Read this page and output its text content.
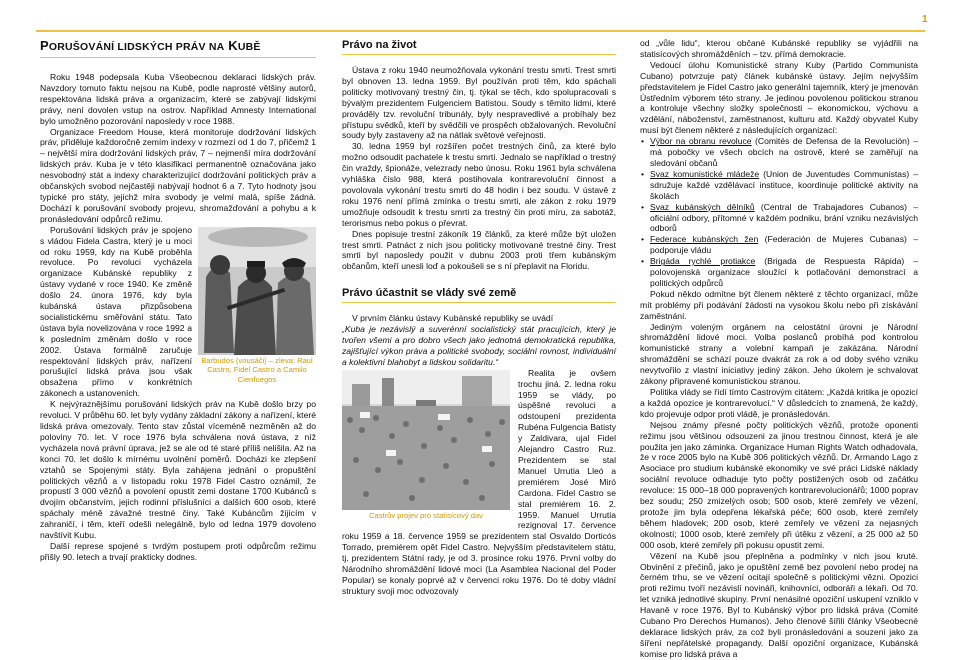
1
PORUŠOVÁNÍ LIDSKÝCH PRÁV NA KUBĚ

Roku 1948 podepsala Kuba Všeobecnou deklaraci lidských práv. Navzdory tomuto faktu nejsou na Kubě, podle naprosté většiny autorů, respektována lidská práva a organizacím, které se zabývají lidskými právy, není dovolen vstup na ostrov. Například Amnesty International bylo umožněno pozorování naposledy v roce 1988.

Organizace Freedom House, která monitoruje dodržování lidských práv, přiděluje každoročně zemím indexy v rozmezí od 1 do 7, přičemž 1 – největší míra dodržování lidských práv, 7 – nejmenší míra dodržování lidských práv. Kuba je v této klasifikaci permanentně označována jako nesvobodný stát a indexy charakterizující dodržování politických práv a občanských svobod nejčastěji nabývají hodnot 6 a 7. Tyto hodnoty jsou typické pro státy, jejichž míra svobody je velmi malá, spíše žádná. Dochází k porušování svobody projevu, shromažďování a pohybu a k pronásledování odpůrců režimu.

Barbudos (vousáči) – zleva: Raul Castro, Fidel Castro a Camilo Cienfuegos

Porušování lidských práv je spojeno s vládou Fidela Castra, který je u moci od roku 1959, kdy na Kubě proběhla revoluce. Po revoluci vycházela organizace Kubánské republiky z ústavy vydané v roce 1940. Ke změně došlo 24. února 1976, kdy byla kubánská ústava přizpůsobena socialistickému směřování státu. Tato ústava byla novelizována v roce 1992 a k posledním změnám došlo v roce 2002. Ústava formálně zaručuje respektování lidských práv, nařízení porušující lidská práva jsou však obsažena přímo v konkrétních zákonech a ustanoveních.

K nejvýraznějšímu porušování lidských práv na Kubě došlo brzy po revoluci. V průběhu 60. let byly vydány základní zákony a nařízení, které lidská práva omezovaly. Tento stav zůstal víceméně nezměněn až do poloviny 70. let. V roce 1976 byla schválena nová ústava, z níž vycházela nová právní úprava, jež se ale od té staré příliš nelišila. Až na konci 70. let došlo k mírnému uvolnění poměrů. Docházi ke zlepšení vztahů se Spojenými státy. Byla zahájena jednání o propuštění politických vězňů a v listopadu roku 1978 Fidel Castro oznámil, že propustí 3 000 vězňů a povolení opustit zemi dostane 1700 Kubánců s dvojím občanstvím, jejich rodinní příslušníci a dalších 600 osob, které spáchaly méně závažné trestné činy. Také Kubáncům žijícím v zahraničí, i těm, kteří odešli nelegálně, bylo od ledna 1979 dovoleno navštívit Kubu.

Další represe spojené s tvrdým postupem proti odpůrcům režimu přišly 90. letech a trvají prakticky dodnes.

Právo na život

Ústava z roku 1940 neumožňovala vykonání trestu smrti. Trest smrti byl obnoven 13. ledna 1959. Byl používán proti těm, kdo spáchali politicky motivovaný trestný čin, tj. týkal se těch, kdo spolupracovali s bývalým prezidentem Fulgenciem Batistou. Soudy s těmito lidmi, které prováděly tzv. revoluční tribunály, byly nespravedlivé a probíhaly bez přístupu svědků, kteří by svědčili ve prospěch obžalovaných. Revoluční soudy byly zastaveny až na nátlak světové veřejnosti.

30. ledna 1959 byl rozšířen počet trestných činů, za které bylo možno odsoudit pachatele k trestu smrti. Jednalo se například o trestný čin vraždy, špionáže, velezrady nebo únosu. Roku 1961 byla schválena vyhláška číslo 988, která postihovala kontrarevoluční činnost a povolovala vykonání trestu smrti do 48 hodin i bez soudu. V ústavě z roku 1976 není přímá zmínka o trestu smrti, ale zákon z roku 1979 umožňuje odsoudit k trestu smrti za trestný čin proti míru, za sabotáž, terorismus nebo pokus o převrat.

Dnes popisuje trestní zákoník 19 článků, za které může být uložen trest smrti. Patnáct z nich jsou politicky motivované trestné činy. Trest smrti byl naposledy použit v dubnu 2003 proti třem kubánským občanům, kteří unesli loď a pokoušeli se s ní přeplavit na Floridu.

Právo účastnit se vlády své země

V prvním článku ústavy Kubánské republiky se uvádí

„Kuba je nezávislý a suverénní socialistický stát pracujících, který je tvořen všemi a pro dobro všech jako jednotná demokratická republika, zajišťující výkon práva a politické svobody, sociální rovnost, individuální a kolektivní blahobyt a lidskou solidaritu.“

Castrův projev pro statisícový dav

Realita je ovšem trochu jiná. 2. ledna roku 1959 se vlády, po úspěšné revoluci a odstoupení prezidenta Rubéna Fulgencia Batisty y Zaldivara, ujal Fidel Alejandro Castro Ruz. Prezidentem se stal Manuel Urrutia Lleó a premiérem José Miró Cardona. Fidel Castro se stal premiérem 16. 2. 1959. Manuel Urrutia rezignoval 17. července roku 1959 a 18. července 1959 se prezidentem stal Osvaldo Dorticós Torrado, premiérem opět Fidel Castro. Nejvyšším představitelem státu, tj. prezidentem Státní rady, je od 3. prosince roku 1976. První volby do Národního shromáždění lidové moci (La Asamblea Nacional del Poder Popular) se konaly poprvé až v červenci roku 1976. Do té doby vládní struktury svoji moc odvozovaly

od „vůle lidu“, kterou občané Kubánské republiky se vyjádřili na statisícových shromážděních – tzv. přímá demokracie.

Vedoucí úlohu Komunistické strany Kuby (Partido Communista Cubano) potvrzuje patý článek kubánské ústavy. Jejím nejvyšším představitelem je Fidel Castro jako generální tajemník, který je jmenován Ústředním výborem této strany. Je jedinou povolenou politickou stranou a kontroluje všechny složky společnosti – ekonomickou, výchovu a vzdělání, náboženství, zaměstnanost, kulturu atd. Každý obyvatel Kuby musí být členem některé z následujících organizací:

• Výbor na obranu revoluce (Comités de Defensa de la Revolución) – má pobočky ve všech obcích na ostrově, které se zaměřují na sledování občanů
• Svaz komunistické mládeže (Union de Juventudes Communistas) – sdružuje každé vzdělávací instituce, koordinuje politické aktivity na školách
• Svaz kubánských dělníků (Central de Trabajadores Cubanos) – oficiální odbory, přítomné v každém podniku, brání vzniku nezávislých odborů
• Federace kubánských žen (Federación de Mujeres Cubanas) – podporuje vládu
• Brigáda rychlé protiakce (Brigada de Respuesta Rápida) – polovojenská organizace sloužící k potlačování demonstrací a politických odpůrců

Pokud někdo odmítne být členem některé z těchto organizací, může mít problémy při podávání žádosti na vysokou školu nebo při získávání zaměstnání.

Jediným voleným orgánem na celostátní úrovni je Národní shromáždění lidové moci. Volba poslanců probíhá pod kontrolou komunistické strany a volební kampaň je zakázána. Národní shromáždění se schází pouze dvakrát za rok a od doby svého vzniku nevytvořilo z vlastní iniciativy jediný zákon. Jeho úkolem je schvalovat zákony připravené komunistickou stranou.

Politika vlády se řídí tímto Castrovým citátem: „Každá kritika je opozicí a každá opozice je kontrarevolucí.“ V důsledcích to znamená, že každý, kdo projevuje odpor proti vládě, je pronásledován.

Nejsou známy přesné počty politických vězňů, protože oponenti režimu jsou většinou odsouzeni za jinou trestnou činnost, která je ale použita jen jako záminka. Organizace Human Rights Watch odhadovala, že v roce 2005 bylo na Kubě 306 politických vězňů. Dr. Armando Lago z Asociace pro studium kubánské ekonomiky ve své práci Lidské náklady sociální revoluce odhaduje tyto počty postižených osob od začátku revoluce: 15 000–18 000 popravených kontrarevolucionářů; 1000 poprav bez soudu; 250 zmizelých osob; 500 osob, které zemřely ve vězení, protože jim byla odepřena lékařská péče; 600 osob, které zemřely během hladovek; 200 osob, které zemřely ve vězení za nejasných okolností; 1000 osob, které zemřely při útěku z vězení, a 25 000 až 50 000 osob, které zemřely při pokusu opustit zemi.

Vězení na Kubě jsou přeplněna a podmínky v nich jsou kruté. Obvinění z přečinů, jako je opuštění země bez povolení nebo prodej na černém trhu, se ve vězení ocitají společně s politickými vězni. Opozici proti režimu tvoří nezávislí novináři, knihovníci, odboráři a lékaři. Od 70. let vzniká jednotlivé skupiny. První nenásilné opoziční uskupení vzniklo v Havaně v roce 1976. Byl to Kubánský výbor pro lidská práva (Comité Cubano Pro Derechos Humanos). Jeho členové šířili články Všeobecné deklarace lidských práv, za což byli pronásledováni a souzeni jako za šíření nepřátelské propagandy. Další opoziční organizace, Kubánská komise pro lidská práva a
